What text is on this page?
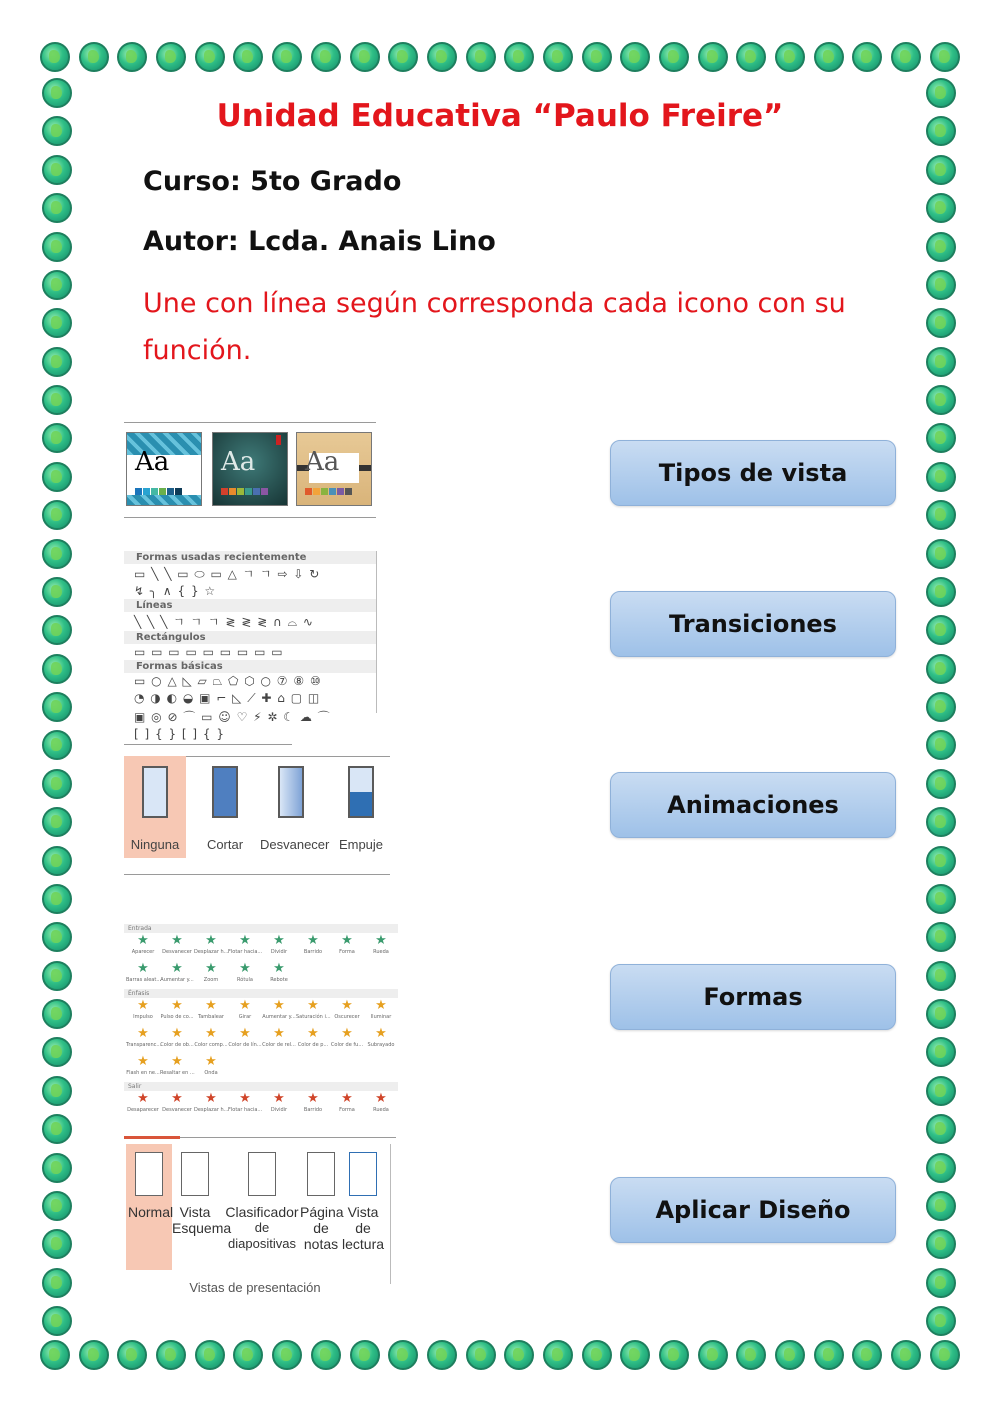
Unidad Educativa “Paulo Freire”
Curso: 5to Grado
Autor: Lcda. Anais Lino
Une con línea según corresponda cada icono con su función.
Aa Aa Aa
Formas usadas recientemente
▭ ╲ ╲ ▭ ⬭ ▭ △ ㄱ ㄱ ⇨ ⇩ ↻
↯ ╮ ∧ { } ☆
Líneas
╲ ╲ ╲ ㄱ ㄱ ㄱ ≷ ≷ ≷ ∩ ⌓ ∿
Rectángulos
▭ ▭ ▭ ▭ ▭ ▭ ▭ ▭ ▭
Formas básicas
▭ ○ △ ◺ ▱ ⏢ ⬠ ⬡ ○ ⑦ ⑧ ⑩
◔ ◑ ◐ ◒ ▣ ⌐ ◺ ⟋ ✚ ⌂ ▢ ◫
▣ ◎ ⊘ ⌒ ▭ ☺ ♡ ⚡ ✲ ☾ ☁ ⌒
[ ] { } [ ] { }
Ninguna	Cortar	Desvanecer Empuje
Entrada
★
Aparecer
★
Desvanecer
★
Desplazar h...
★
Flotar hacia...
★
Dividir
★
Barrido
★
Forma
★
Rueda
★
Barras aleat...
★
Aumentar y...
★
Zoom
★
Rótula
★
Rebote
Énfasis
★
Impulso
★
Pulso de co...
★
Tambalear
★
Girar
★
Aumentar y...
★
Saturación i...
★
Oscurecer
★
Iluminar
★
Transparenc...
★
Color de ob...
★
Color comp...
★
Color de lín...
★
Color de rel...
★
Color de p...
★
Color de fu...
★
Subrayado
★
Flash en ne...
★
Resaltar en ...
★
Onda
Salir
★
Desaparecer
★
Desvanecer
★
Desplazar h...
★
Flotar hacia...
★
Dividir
★
Barrido
★
Forma
★
Rueda
Normal Vista
Esquema
Clasificador
de diapositivas
Página
de notas
Vista de
lectura
Vistas de presentación
Tipos de vista
Transiciones
Animaciones
Formas
Aplicar Diseño
